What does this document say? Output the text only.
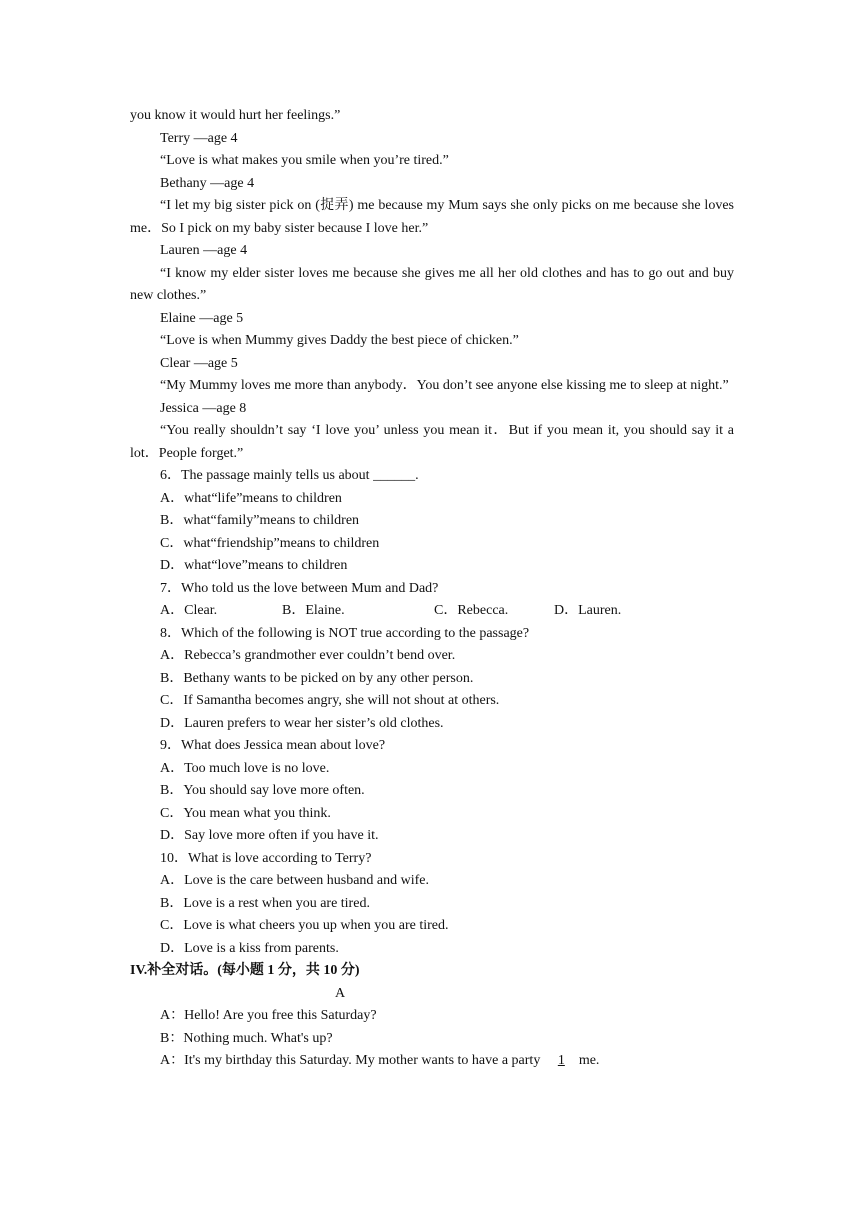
you know it would hurt her feelings.”
Terry —age 4
“Love is what makes you smile when you’re tired.”
Bethany —age 4
“I let my big sister pick on (捉弄) me because my Mum says she only picks on me because she loves me．So I pick on my baby sister because I love her.”
Lauren —age 4
“I know my elder sister loves me because she gives me all her old clothes and has to go out and buy new clothes.”
Elaine —age 5
“Love is when Mummy gives Daddy the best piece of chicken.”
Clear —age 5
“My Mummy loves me more than anybody．You don’t see anyone else kissing me to sleep at night.”
Jessica —age 8
“You really shouldn’t say ‘I love you’ unless you mean it．But if you mean it, you should say it a lot．People forget.”
6．The passage mainly tells us about ______.
A．what“life”means to children
B．what“family”means to children
C．what“friendship”means to children
D．what“love”means to children
7．Who told us the love between Mum and Dad?
A．Clear.	B．Elaine.	C．Rebecca.	D．Lauren.
8．Which of the following is NOT true according to the passage?
A．Rebecca’s grandmother ever couldn’t bend over.
B．Bethany wants to be picked on by any other person.
C．If Samantha becomes angry, she will not shout at others.
D．Lauren prefers to wear her sister’s old clothes.
9．What does Jessica mean about love?
A．Too much love is no love.
B．You should say love more often.
C．You mean what you think.
D．Say love more often if you have it.
10．What is love according to Terry?
A．Love is the care between husband and wife.
B．Love is a rest when you are tired.
C．Love is what cheers you up when you are tired.
D．Love is a kiss from parents.
IV.补全对话。(每小题 1 分，共 10 分)
A
A：Hello! Are you free this Saturday?
B：Nothing much. What's up?
A：It's my birthday this Saturday. My mother wants to have a party 1 me.
